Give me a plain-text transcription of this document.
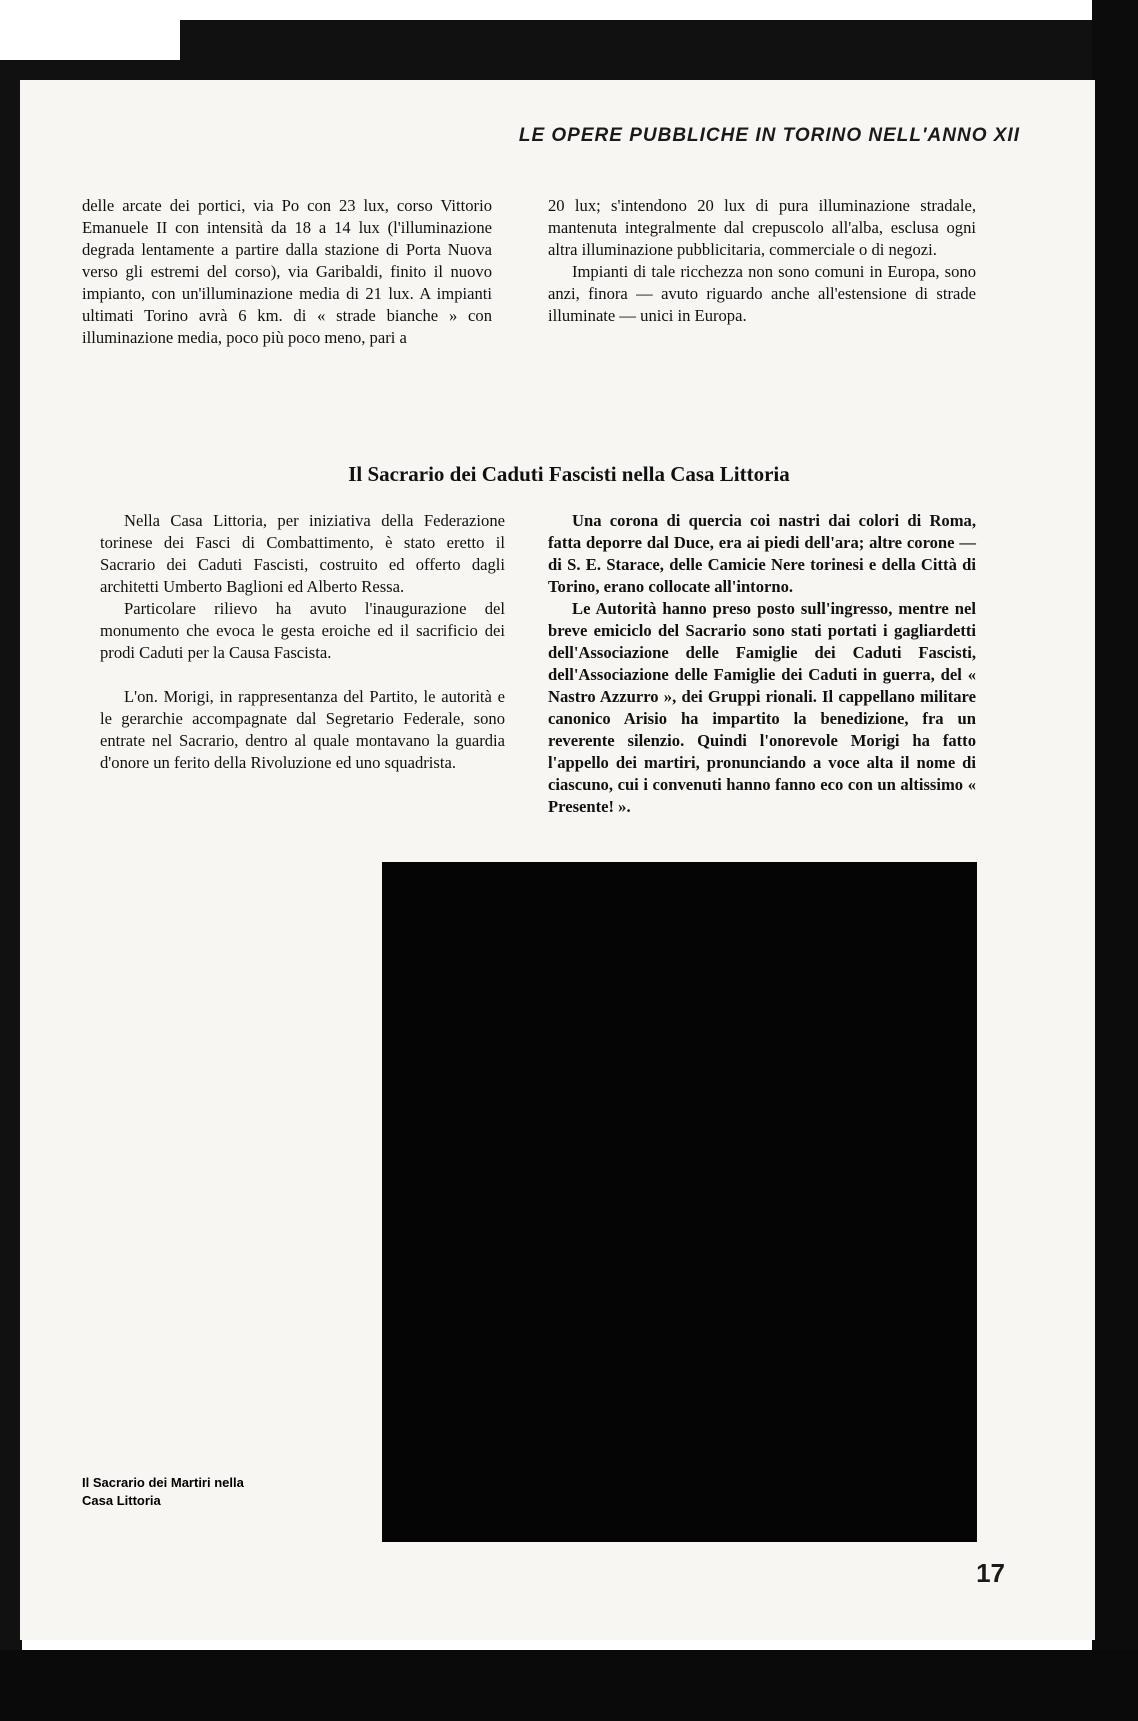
LE OPERE PUBBLICHE IN TORINO NELL'ANNO XII

delle arcate dei portici, via Po con 23 lux, corso Vittorio Emanuele II con intensità da 18 a 14 lux (l'illuminazione degrada lentamente a partire dalla stazione di Porta Nuova verso gli estremi del corso), via Garibaldi, finito il nuovo impianto, con un'illuminazione media di 21 lux. A impianti ultimati Torino avrà 6 km. di « strade bianche » con illuminazione media, poco più poco meno, pari a

20 lux; s'intendono 20 lux di pura illuminazione stradale, mantenuta integralmente dal crepuscolo all'alba, esclusa ogni altra illuminazione pubblicitaria, commerciale o di negozi.

Impianti di tale ricchezza non sono comuni in Europa, sono anzi, finora — avuto riguardo anche all'estensione di strade illuminate — unici in Europa.

Il Sacrario dei Caduti Fascisti nella Casa Littoria

Nella Casa Littoria, per iniziativa della Federazione torinese dei Fasci di Combattimento, è stato eretto il Sacrario dei Caduti Fascisti, costruito ed offerto dagli architetti Umberto Baglioni ed Alberto Ressa.

Particolare rilievo ha avuto l'inaugurazione del monumento che evoca le gesta eroiche ed il sacrificio dei prodi Caduti per la Causa Fascista.

L'on. Morigi, in rappresentanza del Partito, le autorità e le gerarchie accompagnate dal Segretario Federale, sono entrate nel Sacrario, dentro al quale montavano la guardia d'onore un ferito della Rivoluzione ed uno squadrista.

Una corona di quercia coi nastri dai colori di Roma, fatta deporre dal Duce, era ai piedi dell'ara; altre corone — di S. E. Starace, delle Camicie Nere torinesi e della Città di Torino, erano collocate all'intorno.

Le Autorità hanno preso posto sull'ingresso, mentre nel breve emiciclo del Sacrario sono stati portati i gagliardetti dell'Associazione delle Famiglie dei Caduti Fascisti, dell'Associazione delle Famiglie dei Caduti in guerra, del « Nastro Azzurro », dei Gruppi rionali. Il cappellano militare canonico Arisio ha impartito la benedizione, fra un reverente silenzio. Quindi l'onorevole Morigi ha fatto l'appello dei martiri, pronunciando a voce alta il nome di ciascuno, cui i convenuti hanno fanno eco con un altissimo « Presente! ».

Il Sacrario dei Martiri nella
Casa Littoria
17
